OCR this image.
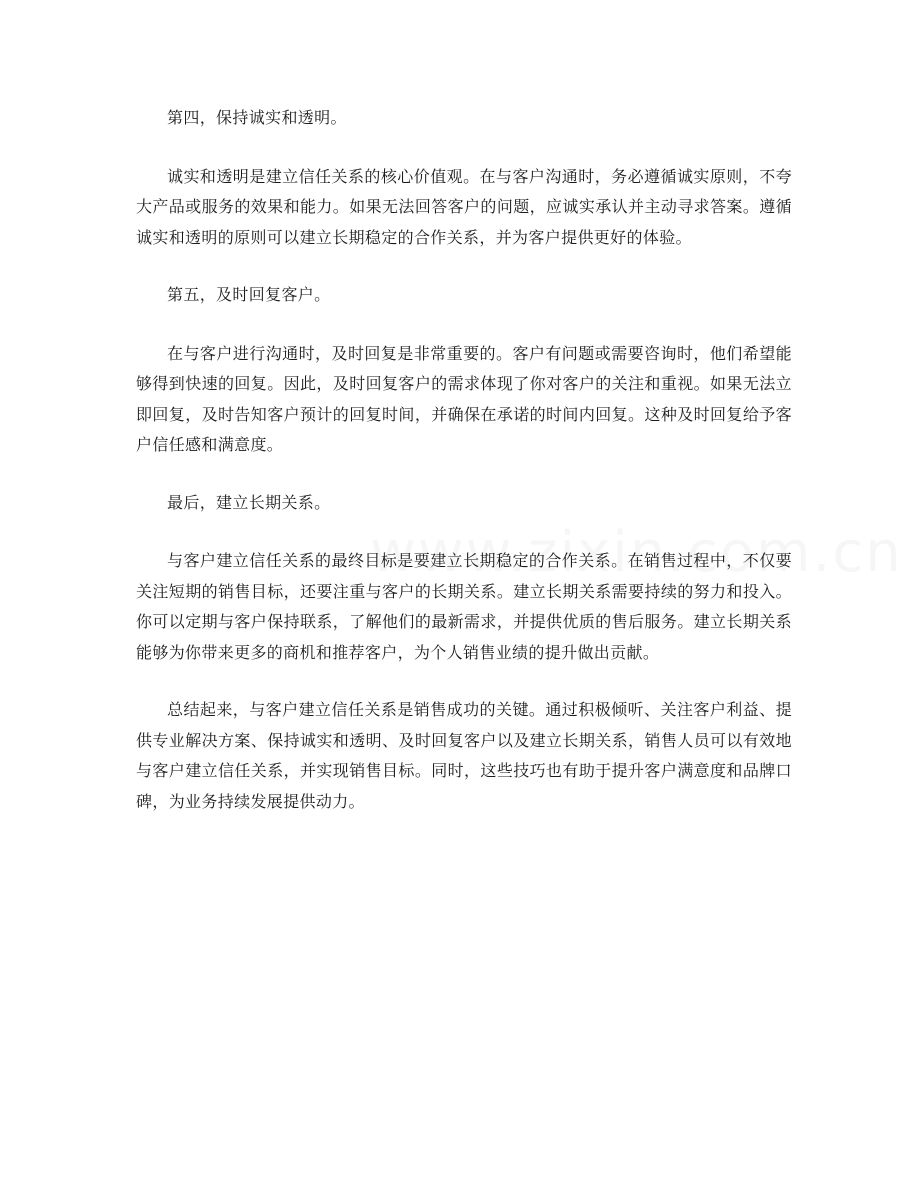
第四，保持诚实和透明。

诚实和透明是建立信任关系的核心价值观。在与客户沟通时，务必遵循诚实原则，不夸大产品或服务的效果和能力。如果无法回答客户的问题，应诚实承认并主动寻求答案。遵循诚实和透明的原则可以建立长期稳定的合作关系，并为客户提供更好的体验。

第五，及时回复客户。

在与客户进行沟通时，及时回复是非常重要的。客户有问题或需要咨询时，他们希望能够得到快速的回复。因此，及时回复客户的需求体现了你对客户的关注和重视。如果无法立即回复，及时告知客户预计的回复时间，并确保在承诺的时间内回复。这种及时回复给予客户信任感和满意度。

最后，建立长期关系。

与客户建立信任关系的最终目标是要建立长期稳定的合作关系。在销售过程中，不仅要关注短期的销售目标，还要注重与客户的长期关系。建立长期关系需要持续的努力和投入。你可以定期与客户保持联系，了解他们的最新需求，并提供优质的售后服务。建立长期关系能够为你带来更多的商机和推荐客户，为个人销售业绩的提升做出贡献。

总结起来，与客户建立信任关系是销售成功的关键。通过积极倾听、关注客户利益、提供专业解决方案、保持诚实和透明、及时回复客户以及建立长期关系，销售人员可以有效地与客户建立信任关系，并实现销售目标。同时，这些技巧也有助于提升客户满意度和品牌口碑，为业务持续发展提供动力。
